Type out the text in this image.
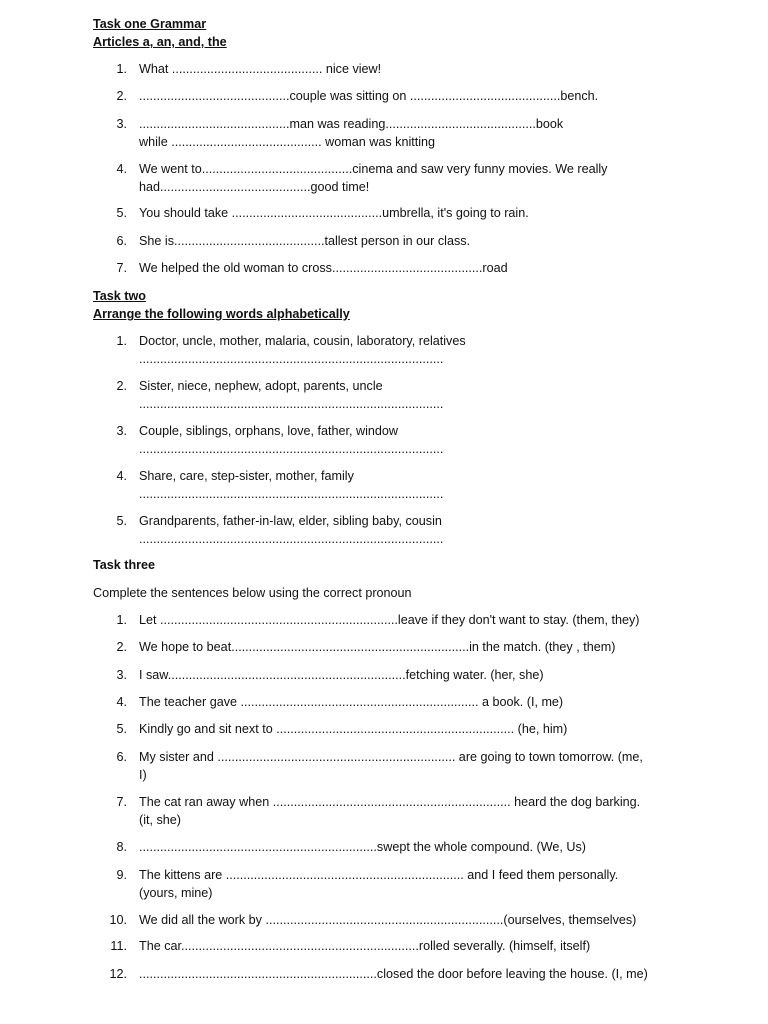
Task one Grammar
Articles a, an, and, the
1. What ........................................... nice view!
2. ...........................................couple was sitting on ...........................................bench.
3. ...........................................man was reading...........................................book
while ........................................... woman was knitting
4. We went to...........................................cinema and saw very funny movies. We really
had...........................................good time!
5. You should take ...........................................umbrella, it's going to rain.
6. She is...........................................tallest person in our class.
7. We helped the old woman to cross...........................................road
Task two
Arrange the following words alphabetically
1. Doctor, uncle, mother, malaria, cousin, laboratory, relatives
.......................................................................................
2. Sister, niece, nephew, adopt, parents, uncle
.......................................................................................
3. Couple, siblings, orphans, love, father, window
.......................................................................................
4. Share, care, step-sister, mother, family
.......................................................................................
5. Grandparents, father-in-law, elder, sibling baby, cousin
.......................................................................................
Task three
Complete the sentences below using the correct pronoun
1. Let ....................................................................leave if they don't want to stay. (them, they)
2. We hope to beat....................................................................in the match. (they , them)
3. I saw....................................................................fetching water. (her, she)
4. The teacher gave .................................................................... a book. (I, me)
5. Kindly go and sit next to .................................................................... (he, him)
6. My sister and .................................................................... are going to town tomorrow. (me,
I)
7. The cat ran away when .................................................................... heard the dog barking.
(it, she)
8. ....................................................................swept the whole compound. (We, Us)
9. The kittens are .................................................................... and I feed them personally.
(yours, mine)
10. We did all the work by ....................................................................(ourselves, themselves)
11. The car....................................................................rolled severally. (himself, itself)
12. ....................................................................closed the door before leaving the house. (I, me)
